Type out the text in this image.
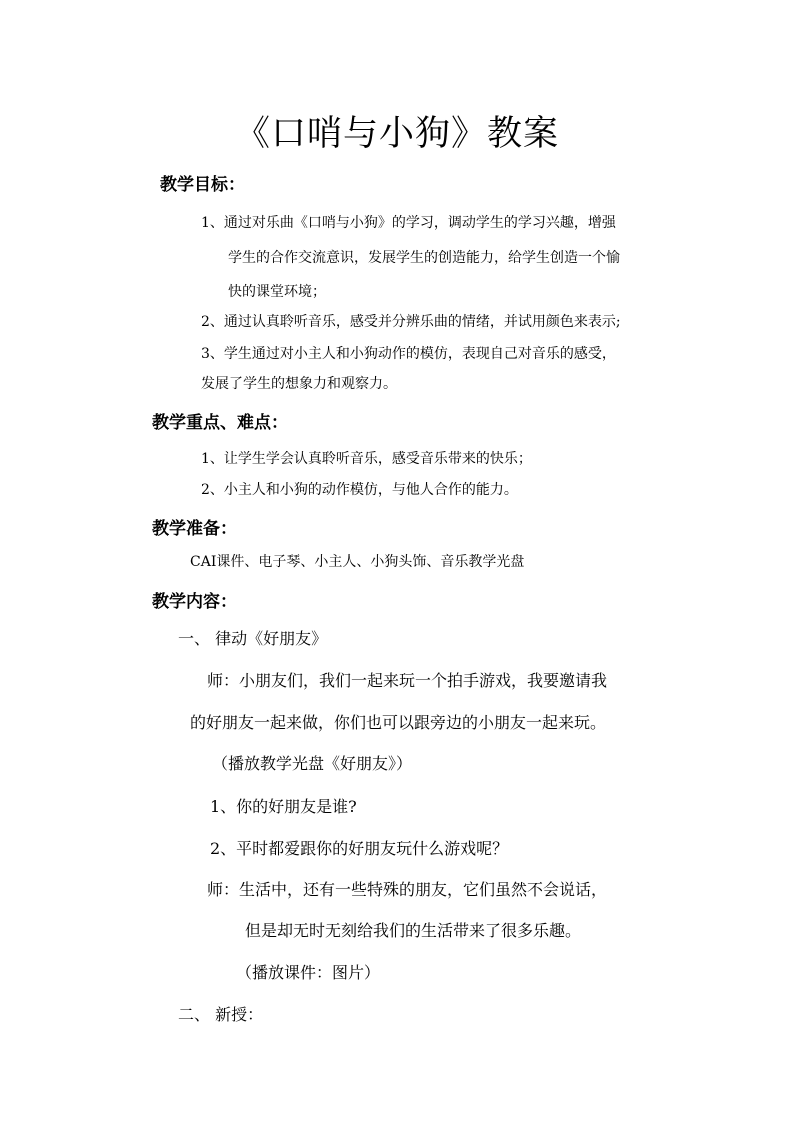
《口哨与小狗》教案
教学目标：
1、通过对乐曲《口哨与小狗》的学习，调动学生的学习兴趣，增强
学生的合作交流意识，发展学生的创造能力，给学生创造一个愉
快的课堂环境；
2、通过认真聆听音乐，感受并分辨乐曲的情绪，并试用颜色来表示;
3、学生通过对小主人和小狗动作的模仿，表现自己对音乐的感受，
发展了学生的想象力和观察力。
教学重点、难点：
1、让学生学会认真聆听音乐，感受音乐带来的快乐；
2、小主人和小狗的动作模仿，与他人合作的能力。
教学准备：
CAI课件、电子琴、小主人、小狗头饰、音乐教学光盘
教学内容：
一、 律动《好朋友》
师：小朋友们，我们一起来玩一个拍手游戏，我要邀请我
的好朋友一起来做，你们也可以跟旁边的小朋友一起来玩。
（播放教学光盘《好朋友》）
1、你的好朋友是谁?
2、平时都爱跟你的好朋友玩什么游戏呢？
师：生活中，还有一些特殊的朋友，它们虽然不会说话，
但是却无时无刻给我们的生活带来了很多乐趣。
（播放课件：图片）
二、 新授：
